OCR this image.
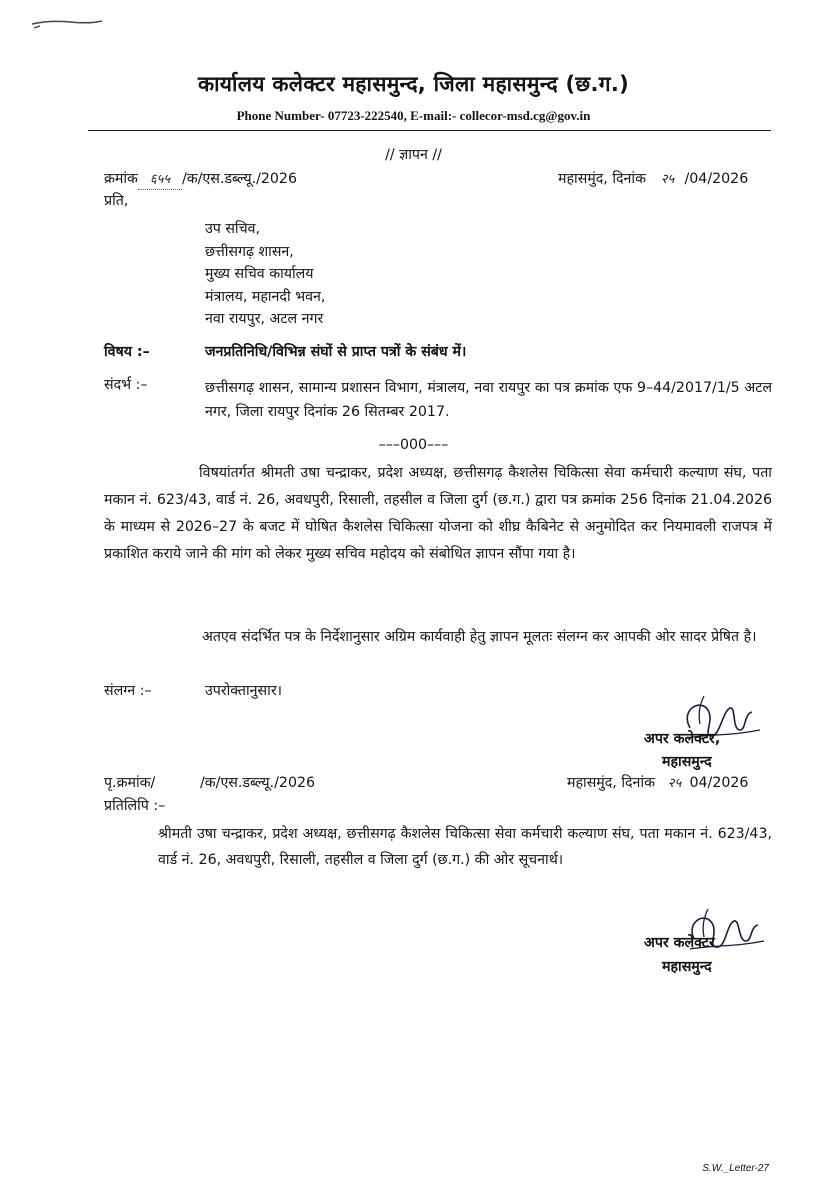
कार्यालय कलेक्टर महासमुन्द, जिला महासमुन्द (छ.ग.)
Phone Number- 07723-222540, E-mail:- collecor-msd.cg@gov.in
// ज्ञापन //
क्रमांक ६५५ /क/एस.डब्ल्यू./2026	महासमुंद, दिनांक २५ /04/2026
प्रति,
उप सचिव,
छत्तीसगढ़ शासन,
मुख्य सचिव कार्यालय
मंत्रालय, महानदी भवन,
नवा रायपुर, अटल नगर
विषय :–	जनप्रतिनिधि/विभिन्न संघों से प्राप्त पत्रों के संबंध में।
संदर्भ :–	छत्तीसगढ़ शासन, सामान्य प्रशासन विभाग, मंत्रालय, नवा रायपुर का पत्र क्रमांक एफ 9–44/2017/1/5 अटल नगर, जिला रायपुर दिनांक 26 सितम्बर 2017.
–––000–––
विषयांतर्गत श्रीमती उषा चन्द्राकर, प्रदेश अध्यक्ष, छत्तीसगढ़ कैशलेस चिकित्सा सेवा कर्मचारी कल्याण संघ, पता मकान नं. 623/43, वार्ड नं. 26, अवधपुरी, रिसाली, तहसील व जिला दुर्ग (छ.ग.) द्वारा पत्र क्रमांक 256 दिनांक 21.04.2026 के माध्यम से 2026–27 के बजट में घोषित कैशलेस चिकित्सा योजना को शीघ्र कैबिनेट से अनुमोदित कर नियमावली राजपत्र में प्रकाशित कराये जाने की मांग को लेकर मुख्य सचिव महोदय को संबोधित ज्ञापन सौंपा गया है।
अतएव संदर्भित पत्र के निर्देशानुसार अग्रिम कार्यवाही हेतु ज्ञापन मूलतः संलग्न कर आपकी ओर सादर प्रेषित है।
संलग्न :–	उपरोक्तानुसार।
अपर कलेक्टर,
महासमुन्द
पृ.क्रमांक/	/क/एस.डब्ल्यू./2026	महासमुंद, दिनांक २५ 04/2026
प्रतिलिपि :–
श्रीमती उषा चन्द्राकर, प्रदेश अध्यक्ष, छत्तीसगढ़ कैशलेस चिकित्सा सेवा कर्मचारी कल्याण संघ, पता मकान नं. 623/43, वार्ड नं. 26, अवधपुरी, रिसाली, तहसील व जिला दुर्ग (छ.ग.) की ओर सूचनार्थ।
अपर कलेक्टर
महासमुन्द
S.W._Letter-27
